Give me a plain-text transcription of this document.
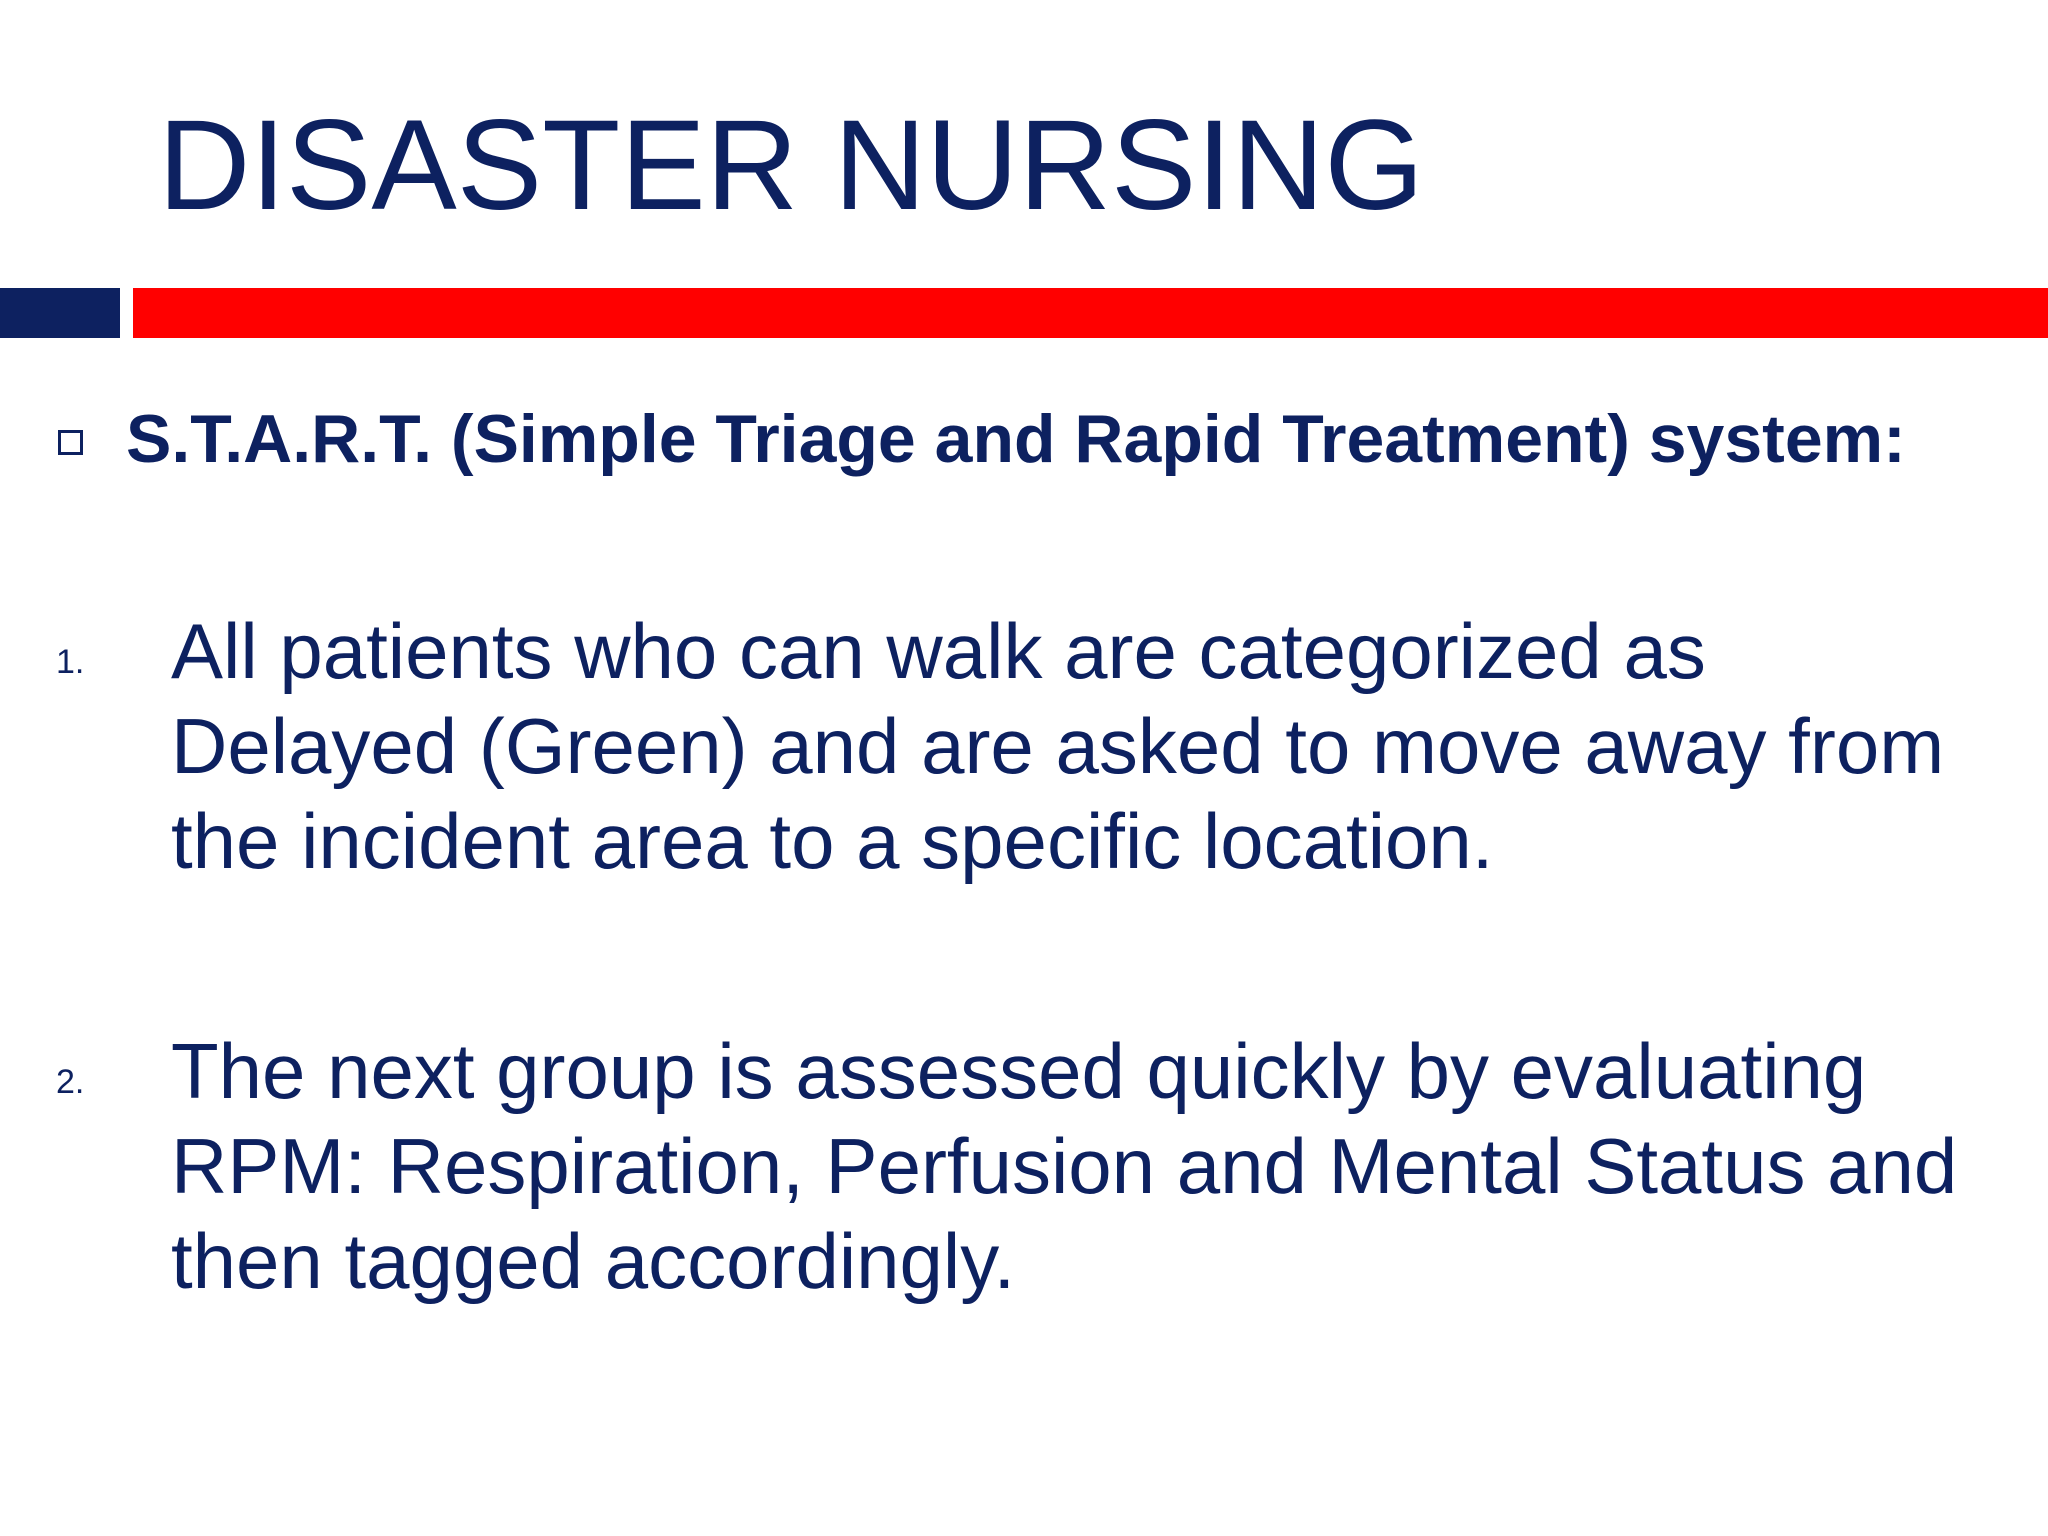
DISASTER NURSING

S.T.A.R.T. (Simple Triage and Rapid Treatment) system:

1. All patients who can walk are categorized as Delayed (Green) and are asked to move away from the incident area to a specific location.

2. The next group is assessed quickly by evaluating RPM: Respiration, Perfusion and Mental Status and then tagged accordingly.
